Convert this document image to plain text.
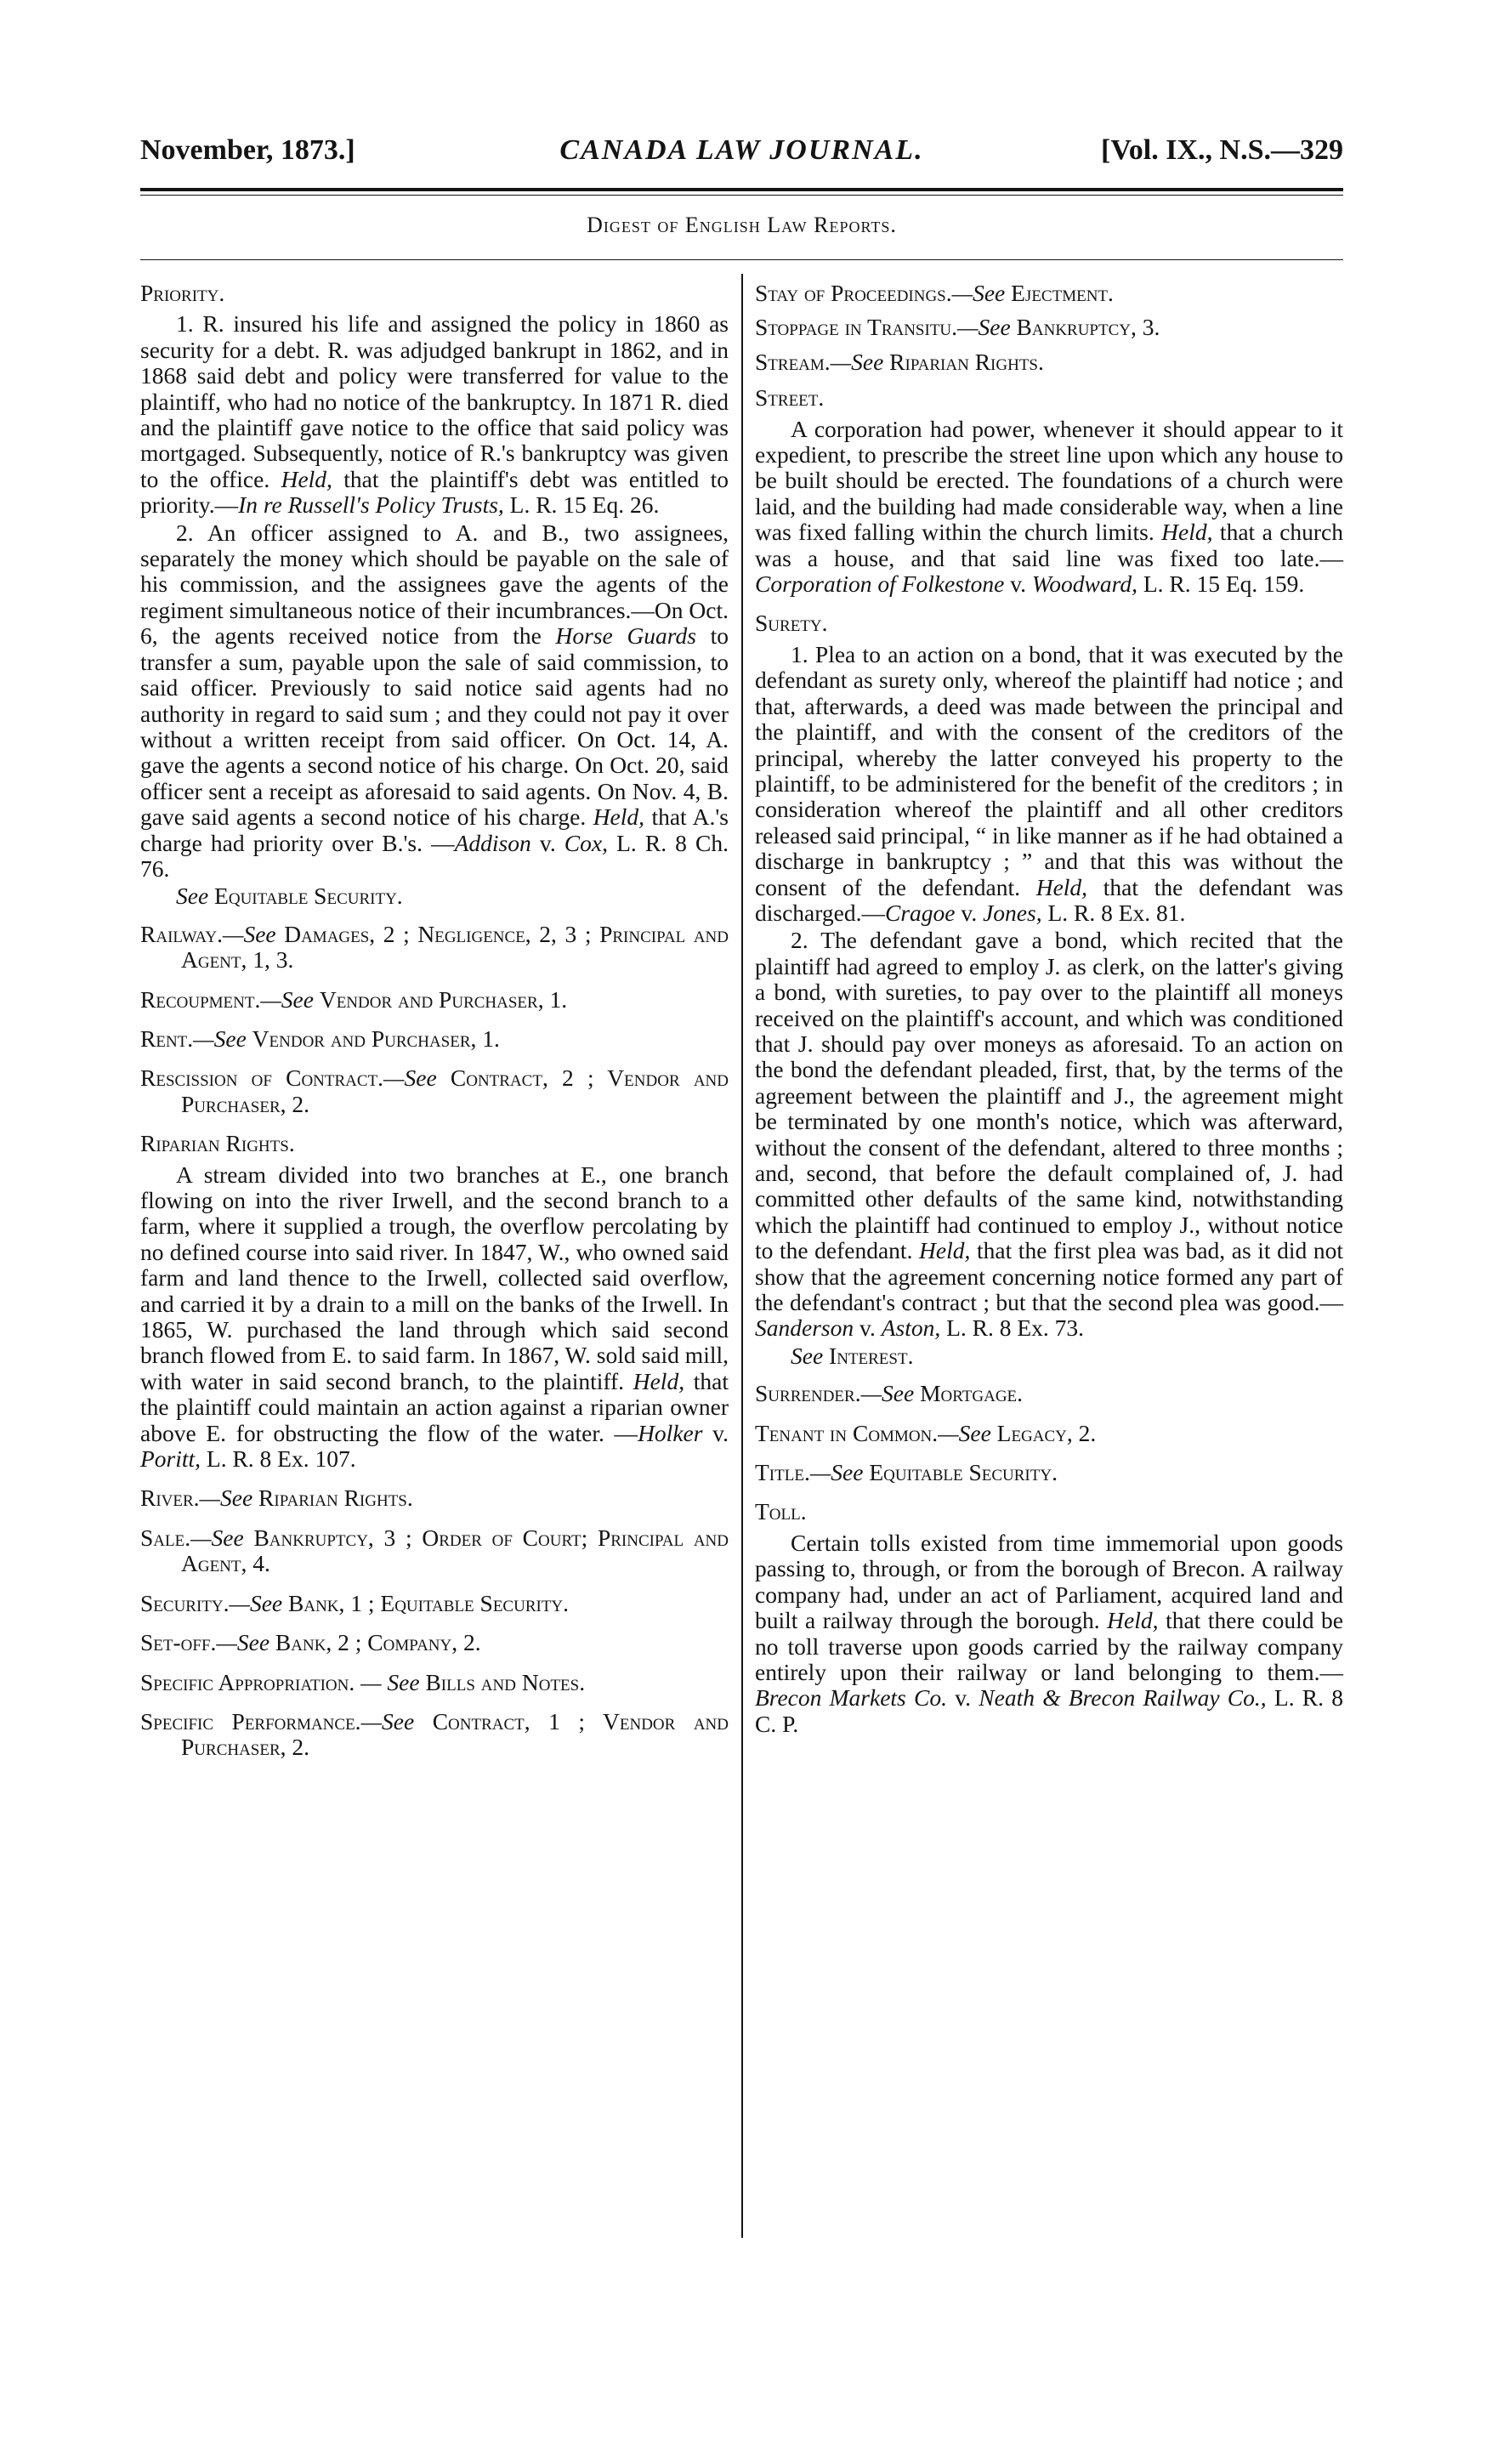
November, 1873.]	CANADA LAW JOURNAL.	[Vol. IX., N.S.—329
Digest of English Law Reports.
Priority.
1. R. insured his life and assigned the policy in 1860 as security for a debt. R. was adjudged bankrupt in 1862, and in 1868 said debt and policy were transferred for value to the plaintiff, who had no notice of the bankruptcy. In 1871 R. died and the plaintiff gave notice to the office that said policy was mortgaged. Subsequently, notice of R.'s bankruptcy was given to the office. Held, that the plaintiff's debt was entitled to priority.—In re Russell's Policy Trusts, L. R. 15 Eq. 26.
2. An officer assigned to A. and B., two assignees, separately the money which should be payable on the sale of his commission, and the assignees gave the agents of the regiment simultaneous notice of their incumbrances.—On Oct. 6, the agents received notice from the Horse Guards to transfer a sum, payable upon the sale of said commission, to said officer. Previously to said notice said agents had no authority in regard to said sum ; and they could not pay it over without a written receipt from said officer. On Oct. 14, A. gave the agents a second notice of his charge. On Oct. 20, said officer sent a receipt as aforesaid to said agents. On Nov. 4, B. gave said agents a second notice of his charge. Held, that A.'s charge had priority over B.'s. —Addison v. Cox, L. R. 8 Ch. 76.
See Equitable Security.
Railway.—See Damages, 2 ; Negligence, 2, 3 ; Principal and Agent, 1, 3.
Recoupment.—See Vendor and Purchaser, 1.
Rent.—See Vendor and Purchaser, 1.
Rescission of Contract.—See Contract, 2 ; Vendor and Purchaser, 2.
Riparian Rights.
A stream divided into two branches at E., one branch flowing on into the river Irwell, and the second branch to a farm, where it supplied a trough, the overflow percolating by no defined course into said river. In 1847, W., who owned said farm and land thence to the Irwell, collected said overflow, and carried it by a drain to a mill on the banks of the Irwell. In 1865, W. purchased the land through which said second branch flowed from E. to said farm. In 1867, W. sold said mill, with water in said second branch, to the plaintiff. Held, that the plaintiff could maintain an action against a riparian owner above E. for obstructing the flow of the water. —Holker v. Poritt, L. R. 8 Ex. 107.
River.—See Riparian Rights.
Sale.—See Bankruptcy, 3 ; Order of Court; Principal and Agent, 4.
Security.—See Bank, 1 ; Equitable Security.
Set-off.—See Bank, 2 ; Company, 2.
Specific Appropriation. — See Bills and Notes.
Specific Performance.—See Contract, 1 ; Vendor and Purchaser, 2.
Stay of Proceedings.—See Ejectment.
Stoppage in Transitu.—See Bankruptcy, 3.
Stream.—See Riparian Rights.
Street.
A corporation had power, whenever it should appear to it expedient, to prescribe the street line upon which any house to be built should be erected. The foundations of a church were laid, and the building had made considerable way, when a line was fixed falling within the church limits. Held, that a church was a house, and that said line was fixed too late.—Corporation of Folkestone v. Woodward, L. R. 15 Eq. 159.
Surety.
1. Plea to an action on a bond, that it was executed by the defendant as surety only, whereof the plaintiff had notice ; and that, afterwards, a deed was made between the principal and the plaintiff, and with the consent of the creditors of the principal, whereby the latter conveyed his property to the plaintiff, to be administered for the benefit of the creditors ; in consideration whereof the plaintiff and all other creditors released said principal, “ in like manner as if he had obtained a discharge in bankruptcy ; ” and that this was without the consent of the defendant. Held, that the defendant was discharged.—Cragoe v. Jones, L. R. 8 Ex. 81.
2. The defendant gave a bond, which recited that the plaintiff had agreed to employ J. as clerk, on the latter's giving a bond, with sureties, to pay over to the plaintiff all moneys received on the plaintiff's account, and which was conditioned that J. should pay over moneys as aforesaid. To an action on the bond the defendant pleaded, first, that, by the terms of the agreement between the plaintiff and J., the agreement might be terminated by one month's notice, which was afterward, without the consent of the defendant, altered to three months ; and, second, that before the default complained of, J. had committed other defaults of the same kind, notwithstanding which the plaintiff had continued to employ J., without notice to the defendant. Held, that the first plea was bad, as it did not show that the agreement concerning notice formed any part of the defendant's contract ; but that the second plea was good.—Sanderson v. Aston, L. R. 8 Ex. 73.
See Interest.
Surrender.—See Mortgage.
Tenant in Common.—See Legacy, 2.
Title.—See Equitable Security.
Toll.
Certain tolls existed from time immemorial upon goods passing to, through, or from the borough of Brecon. A railway company had, under an act of Parliament, acquired land and built a railway through the borough. Held, that there could be no toll traverse upon goods carried by the railway company entirely upon their railway or land belonging to them.—Brecon Markets Co. v. Neath & Brecon Railway Co., L. R. 8 C. P.
